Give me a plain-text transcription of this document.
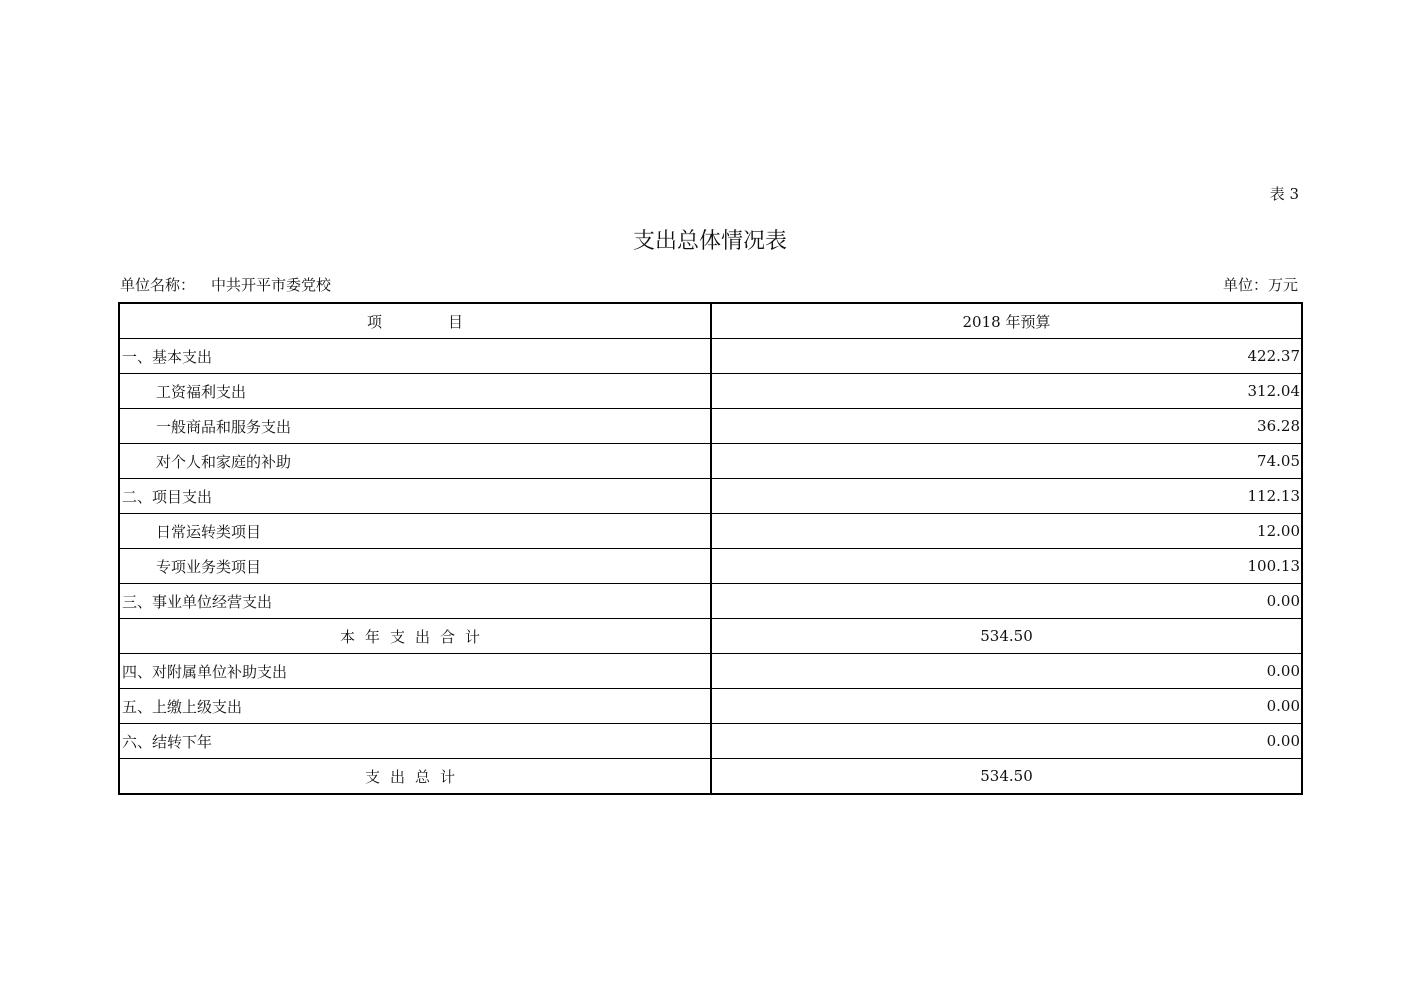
表 3
支出总体情况表
单位名称： 中共开平市委党校	单位：万元
项 目	2018 年预算
一、基本支出	422.37
工资福利支出	312.04
一般商品和服务支出	36.28
对个人和家庭的补助	74.05
二、项目支出	112.13
日常运转类项目	12.00
专项业务类项目	100.13
三、事业单位经营支出	0.00
本年支出合计	534.50
四、对附属单位补助支出	0.00
五、上缴上级支出	0.00
六、结转下年	0.00
支出总计	534.50
